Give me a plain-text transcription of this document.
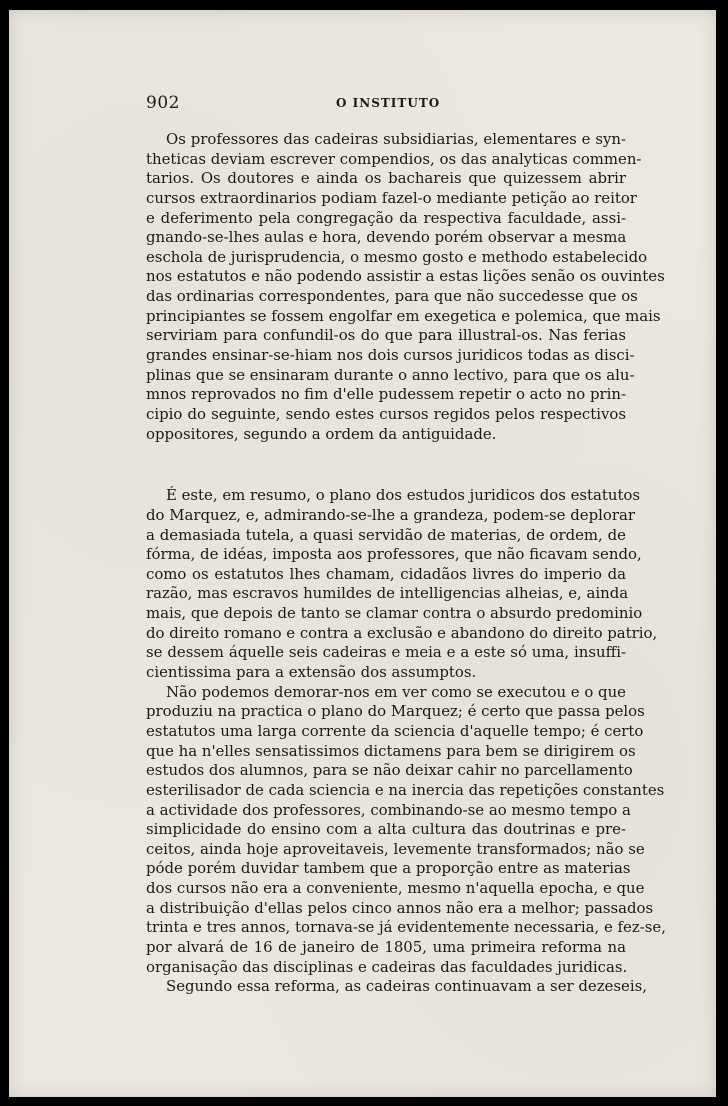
902	O INSTITUTO
Os professores das cadeiras subsidiarias, elementares e syn-
theticas deviam escrever compendios, os das analyticas commen-
tarios. Os doutores e ainda os bachareis que quizessem abrir
cursos extraordinarios podiam fazel-o mediante petição ao reitor
e deferimento pela congregação da respectiva faculdade, assi-
gnando-se-lhes aulas e hora, devendo porém observar a mesma
eschola de jurisprudencia, o mesmo gosto e methodo estabelecido
nos estatutos e não podendo assistir a estas lições senão os ouvintes
das ordinarias correspondentes, para que não succedesse que os
principiantes se fossem engolfar em exegetica e polemica, que mais
serviriam para confundil-os do que para illustral-os. Nas ferias
grandes ensinar-se-hiam nos dois cursos juridicos todas as disci-
plinas que se ensinaram durante o anno lectivo, para que os alu-
mnos reprovados no fim d'elle pudessem repetir o acto no prin-
cipio do seguinte, sendo estes cursos regidos pelos respectivos
oppositores, segundo a ordem da antiguidade.
É este, em resumo, o plano dos estudos juridicos dos estatutos
do Marquez, e, admirando-se-lhe a grandeza, podem-se deplorar
a demasiada tutela, a quasi servidão de materias, de ordem, de
fórma, de idéas, imposta aos professores, que não ficavam sendo,
como os estatutos lhes chamam, cidadãos livres do imperio da
razão, mas escravos humildes de intelligencias alheias, e, ainda
mais, que depois de tanto se clamar contra o absurdo predominio
do direito romano e contra a exclusão e abandono do direito patrio,
se dessem áquelle seis cadeiras e meia e a este só uma, insuffi-
cientissima para a extensão dos assumptos.
Não podemos demorar-nos em ver como se executou e o que
produziu na practica o plano do Marquez; é certo que passa pelos
estatutos uma larga corrente da sciencia d'aquelle tempo; é certo
que ha n'elles sensatissimos dictamens para bem se dirigirem os
estudos dos alumnos, para se não deixar cahir no parcellamento
esterilisador de cada sciencia e na inercia das repetições constantes
a actividade dos professores, combinando-se ao mesmo tempo a
simplicidade do ensino com a alta cultura das doutrinas e pre-
ceitos, ainda hoje aproveitaveis, levemente transformados; não se
póde porém duvidar tambem que a proporção entre as materias
dos cursos não era a conveniente, mesmo n'aquella epocha, e que
a distribuição d'ellas pelos cinco annos não era a melhor; passados
trinta e tres annos, tornava-se já evidentemente necessaria, e fez-se,
por alvará de 16 de janeiro de 1805, uma primeira reforma na
organisação das disciplinas e cadeiras das faculdades juridicas.
Segundo essa reforma, as cadeiras continuavam a ser dezeseis,
